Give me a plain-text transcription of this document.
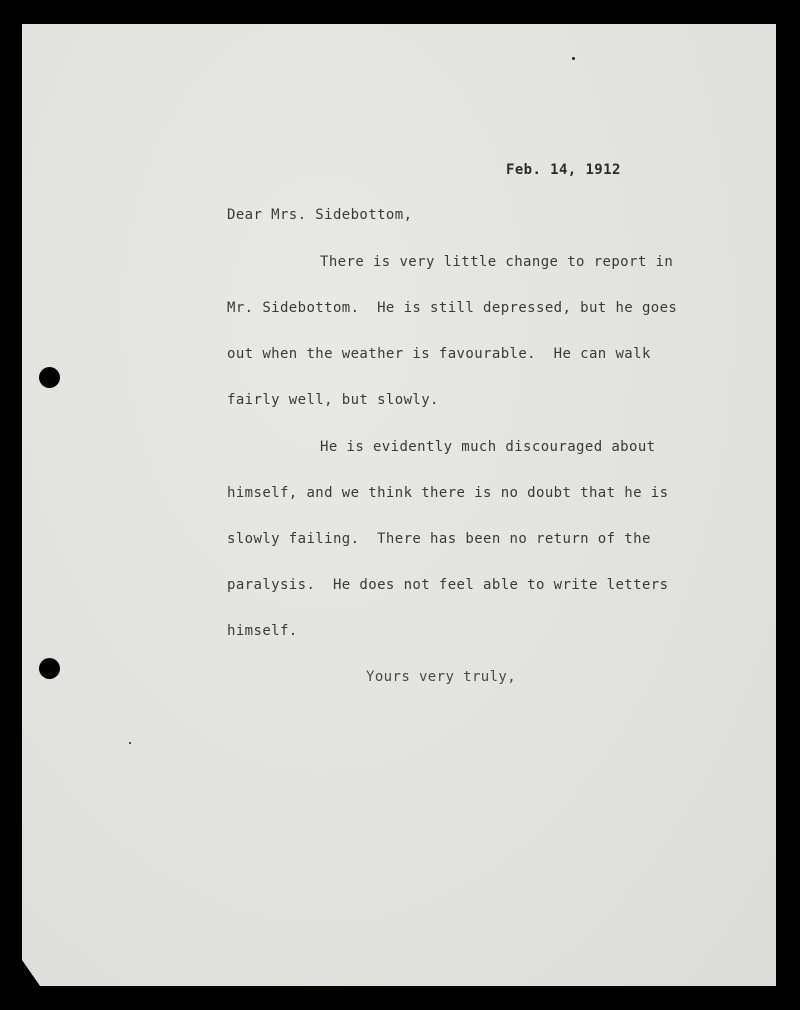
Feb. 14, 1912
Dear Mrs. Sidebottom,
There is very little change to report in
Mr. Sidebottom.  He is still depressed, but he goes
out when the weather is favourable.  He can walk
fairly well, but slowly.
He is evidently much discouraged about
himself, and we think there is no doubt that he is
slowly failing.  There has been no return of the
paralysis.  He does not feel able to write letters
himself.
Yours very truly,
